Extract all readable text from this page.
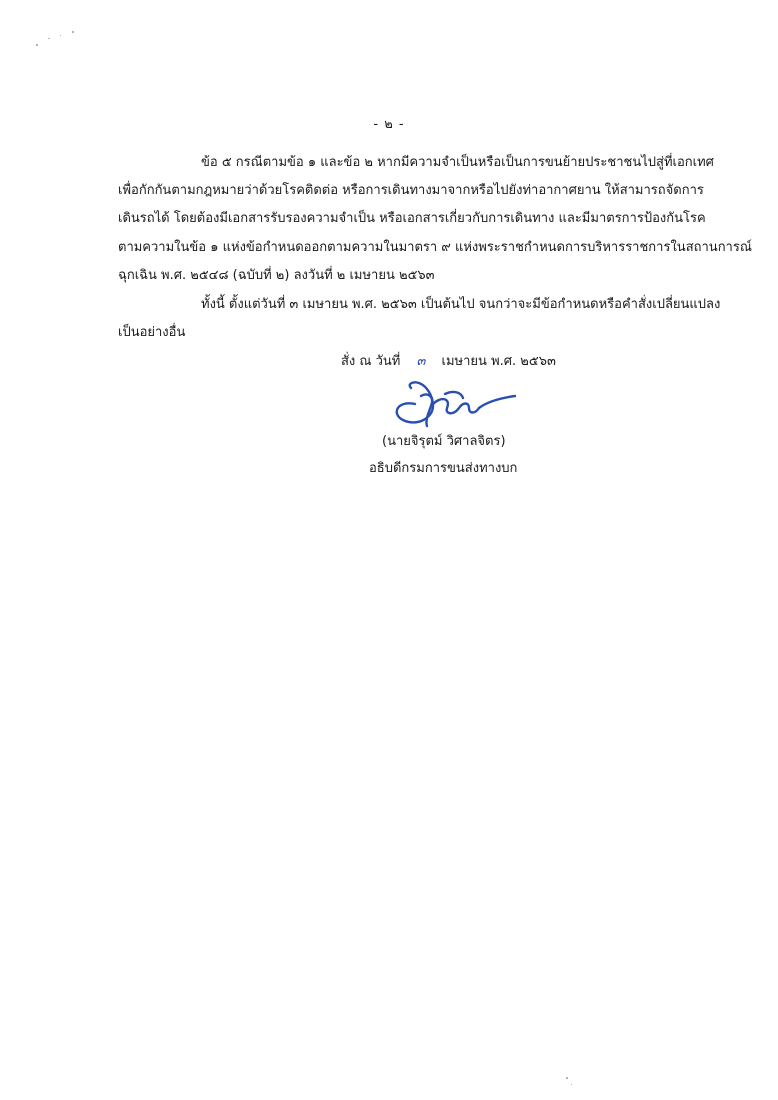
- ๒ -
ข้อ ๕ กรณีตามข้อ ๑ และข้อ ๒ หากมีความจำเป็นหรือเป็นการขนย้ายประชาชนไปสู่ที่เอกเทศ
เพื่อกักกันตามกฎหมายว่าด้วยโรคติดต่อ หรือการเดินทางมาจากหรือไปยังท่าอากาศยาน ให้สามารถจัดการ
เดินรถได้ โดยต้องมีเอกสารรับรองความจำเป็น หรือเอกสารเกี่ยวกับการเดินทาง และมีมาตรการป้องกันโรค
ตามความในข้อ ๑ แห่งข้อกำหนดออกตามความในมาตรา ๙ แห่งพระราชกำหนดการบริหารราชการในสถานการณ์
ฉุกเฉิน พ.ศ. ๒๕๔๘ (ฉบับที่ ๒) ลงวันที่ ๒ เมษายน ๒๕๖๓
ทั้งนี้ ตั้งแต่วันที่ ๓ เมษายน พ.ศ. ๒๕๖๓ เป็นต้นไป จนกว่าจะมีข้อกำหนดหรือคำสั่งเปลี่ยนแปลง
เป็นอย่างอื่น
สั่ง ณ วันที่ ๓ เมษายน พ.ศ. ๒๕๖๓
(นายจิรุตม์ วิศาลจิตร)
อธิบดีกรมการขนส่งทางบก
